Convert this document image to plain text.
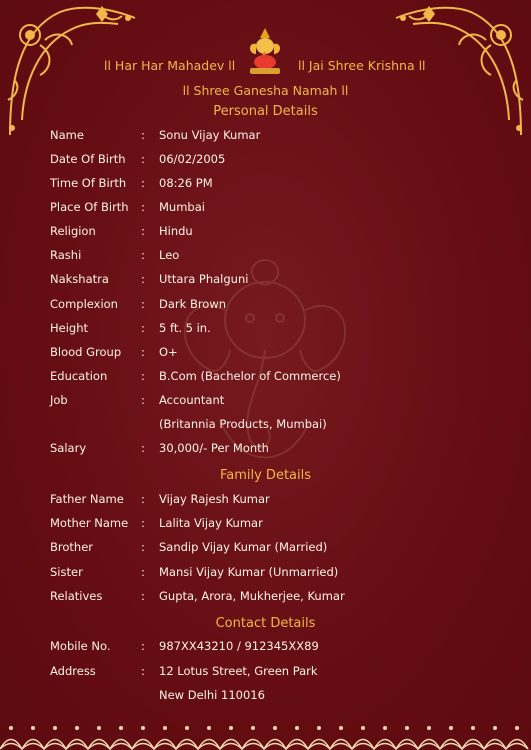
ll Har Har Mahadev ll	ll Jai Shree Krishna ll
ll Shree Ganesha Namah ll
Personal Details
Name	: Sonu Vijay Kumar
Date Of Birth : 06/02/2005
Time Of Birth : 08:26 PM
Place Of Birth : Mumbai
Religion	: Hindu
Rashi	: Leo
Nakshatra	: Uttara Phalguni
Complexion : Dark Brown
Height	: 5 ft. 5 in.
Blood Group : O+
Education	: B.Com (Bachelor of Commerce)
Job	: Accountant
(Britannia Products, Mumbai)
Salary	: 30,000/- Per Month
Family Details
Father Name : Vijay Rajesh Kumar
Mother Name : Lalita Vijay Kumar
Brother	: Sandip Vijay Kumar (Married)
Sister	: Mansi Vijay Kumar (Unmarried)
Relatives	: Gupta, Arora, Mukherjee, Kumar
Contact Details
Mobile No.	: 987XX43210 / 912345XX89
Address	: 12 Lotus Street, Green Park
New Delhi 110016
